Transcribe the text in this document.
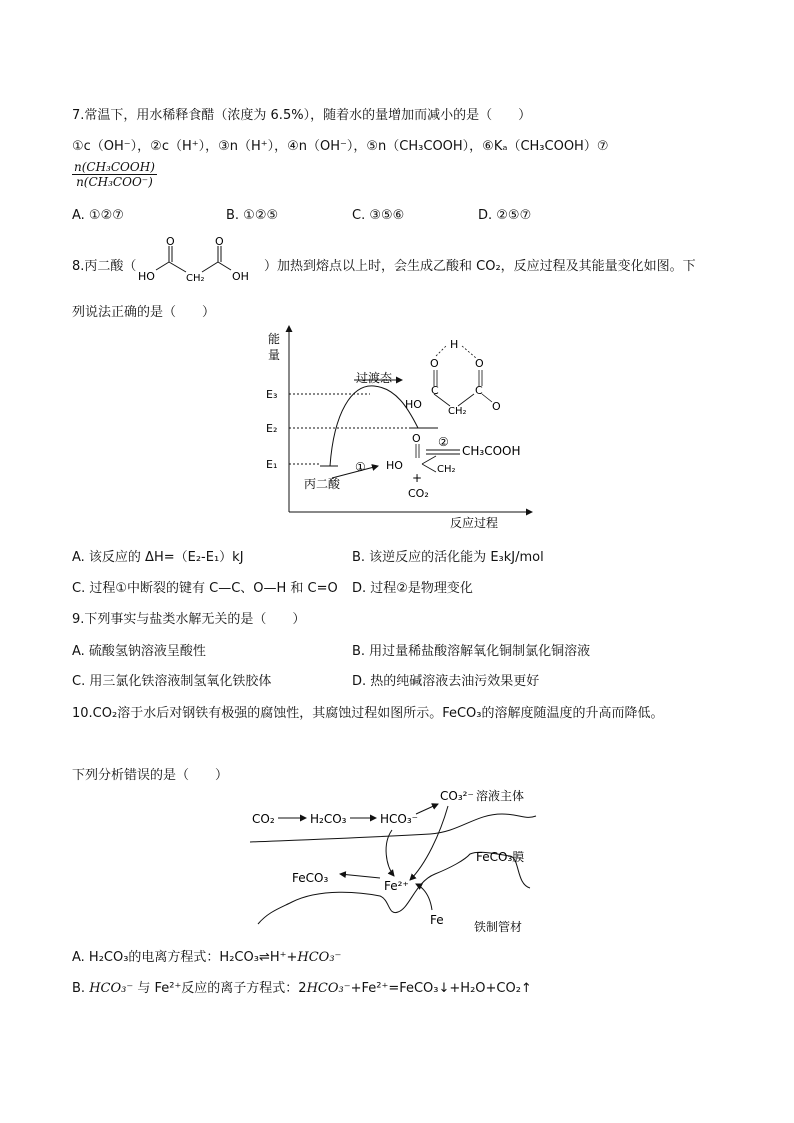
7.常温下，用水稀释食醋（浓度为 6.5%），随着水的量增加而减小的是（　　）
①c（OH⁻），②c（H⁺），③n（H⁺），④n（OH⁻），⑤n（CH₃COOH），⑥Kₐ（CH₃COOH）⑦
n(CH₃COOH)
n(CH₃COO⁻)
A. ①②⑦	B. ①②⑤	C. ③⑤⑥	D. ②⑤⑦
8.丙二酸（
O	O
HO	CH₂ OH
）加热到熔点以上时，会生成乙酸和 CO₂，反应过程及其能量变化如图。下
列说法正确的是（　　）
能
量
E₃
E₂
E₁
过渡态
丙二酸
①
②
反应过程
H
O	O
C	C
HO
CH₂ O
O
HO	CH₂
+
CO₂
CH₃COOH
A. 该反应的 ΔH=（E₂-E₁）kJ	B. 该逆反应的活化能为 E₃kJ/mol
C. 过程①中断裂的键有 C—C、O—H 和 C=O D. 过程②是物理变化
9.下列事实与盐类水解无关的是（　　）
A. 硫酸氢钠溶液呈酸性	B. 用过量稀盐酸溶解氧化铜制氯化铜溶液
C. 用三氯化铁溶液制氢氧化铁胶体	D. 热的纯碱溶液去油污效果更好
10.CO₂溶于水后对钢铁有极强的腐蚀性，其腐蚀过程如图所示。FeCO₃的溶解度随温度的升高而降低。
下列分析错误的是（　　）
CO₂	H₂CO₃	HCO₃⁻
CO₃²⁻ 溶液主体
FeCO₃膜
FeCO₃
Fe²⁺
Fe	铁制管材
A. H₂CO₃的电离方程式：H₂CO₃⇌H⁺+HCO₃⁻
B. HCO₃⁻ 与 Fe²⁺反应的离子方程式：2HCO₃⁻+Fe²⁺=FeCO₃↓+H₂O+CO₂↑
